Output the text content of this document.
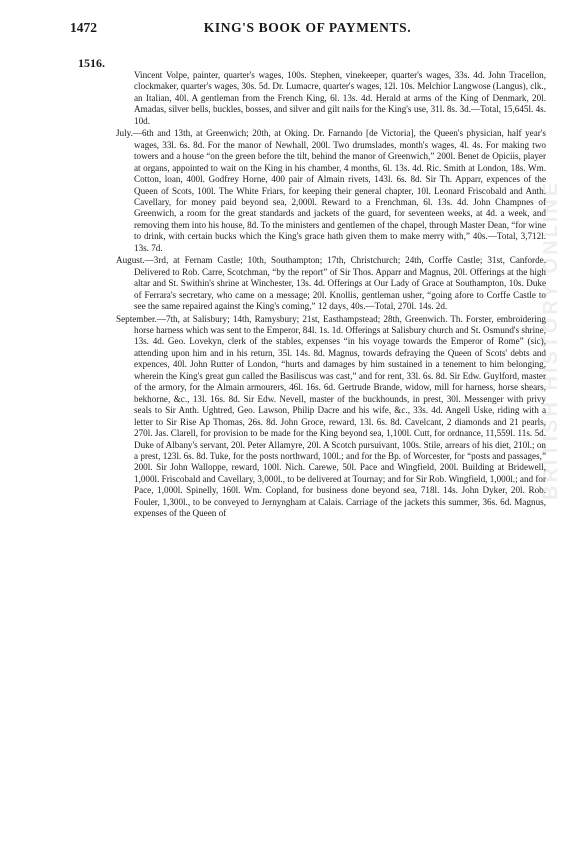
1472	KING'S BOOK OF PAYMENTS.
1516.

Vincent Volpe, painter, quarter's wages, 100s. Stephen, vinekeeper, quarter's wages, 33s. 4d. John Tracellon, clockmaker, quarter's wages, 30s. 5d. Dr. Lumacre, quarter's wages, 12l. 10s. Melchior Langwose (Langus), clk., an Italian, 40l. A gentleman from the French King, 6l. 13s. 4d. Herald at arms of the King of Denmark, 20l. Amadas, silver bells, buckles, bosses, and silver and gilt nails for the King's use, 31l. 8s. 3d.—Total, 15,645l. 4s. 10d.

July.—6th and 13th, at Greenwich; 20th, at Oking. Dr. Farnando [de Victoria], the Queen's physician, half year's wages, 33l. 6s. 8d. For the manor of Newhall, 200l. Two drumslades, month's wages, 4l. 4s. For making two towers and a house “on the green before the tilt, behind the manor of Greenwich,” 200l. Benet de Opiciis, player at organs, appointed to wait on the King in his chamber, 4 months, 6l. 13s. 4d. Ric. Smith at London, 18s. Wm. Cotton, loan, 400l. Godfrey Horne, 400 pair of Almain rivets, 143l. 6s. 8d. Sir Th. Apparr, expences of the Queen of Scots, 100l. The White Friars, for keeping their general chapter, 10l. Leonard Friscobald and Anth. Cavellary, for money paid beyond sea, 2,000l. Reward to a Frenchman, 6l. 13s. 4d. John Champnes of Greenwich, a room for the great standards and jackets of the guard, for seventeen weeks, at 4d. a week, and removing them into his house, 8d. To the ministers and gentlemen of the chapel, through Master Dean, “for wine to drink, with certain bucks which the King's grace hath given them to make merry with,” 40s.—Total, 3,712l. 13s. 7d.

August.—3rd, at Fernam Castle; 10th, Southampton; 17th, Christchurch; 24th, Corffe Castle; 31st, Canforde. Delivered to Rob. Carre, Scotchman, “by the report” of Sir Thos. Apparr and Magnus, 20l. Offerings at the high altar and St. Swithin's shrine at Winchester, 13s. 4d. Offerings at Our Lady of Grace at Southampton, 10s. Duke of Ferrara's secretary, who came on a message; 20l. Knollis, gentleman usher, “going afore to Corffe Castle to see the same repaired against the King's coming,” 12 days, 40s.—Total, 270l. 14s. 2d.

September.—7th, at Salisbury; 14th, Ramysbury; 21st, Easthampstead; 28th, Greenwich. Th. Forster, embroidering horse harness which was sent to the Emperor, 84l. 1s. 1d. Offerings at Salisbury church and St. Osmund's shrine, 13s. 4d. Geo. Lovekyn, clerk of the stables, expenses “in his voyage towards the Emperor of Rome” (sic), attending upon him and in his return, 35l. 14s. 8d. Magnus, towards defraying the Queen of Scots' debts and expences, 40l. John Rutter of London, “hurts and damages by him sustained in a tenement to him belonging, wherein the King's great gun called the Basiliscus was cast,” and for rent, 33l. 6s. 8d. Sir Edw. Guylford, master of the armory, for the Almain armourers, 46l. 16s. 6d. Gertrude Brande, widow, mill for harness, horse shears, bekhorne, &c., 13l. 16s. 8d. Sir Edw. Nevell, master of the buckhounds, in prest, 30l. Messenger with privy seals to Sir Anth. Ughtred, Geo. Lawson, Philip Dacre and his wife, &c., 33s. 4d. Angell Uske, riding with a letter to Sir Rise Ap Thomas, 26s. 8d. John Groce, reward, 13l. 6s. 8d. Cavelcant, 2 diamonds and 21 pearls, 270l. Jas. Clarell, for provision to be made for the King beyond sea, 1,100l. Cutt, for ordnance, 11,559l. 11s. 5d. Duke of Albany's servant, 20l. Peter Allamyre, 20l. A Scotch pursuivant, 100s. Stile, arrears of his diet, 210l.; on a prest, 123l. 6s. 8d. Tuke, for the posts northward, 100l.; and for the Bp. of Worcester, for “posts and passages,” 200l. Sir John Walloppe, reward, 100l. Nich. Carewe, 50l. Pace and Wingfield, 200l. Building at Bridewell, 1,000l. Friscobald and Cavellary, 3,000l., to be delivered at Tournay; and for Sir Rob. Wingfield, 1,000l.; and for Pace, 1,000l. Spinelly, 160l. Wm. Copland, for business done beyond sea, 718l. 14s. John Dyker, 20l. Rob. Fouler, 1,300l., to be conveyed to Jernyngham at Calais. Carriage of the jackets this summer, 36s. 6d. Magnus, expenses of the Queen of

BRITISH HISTORY ONLINE
